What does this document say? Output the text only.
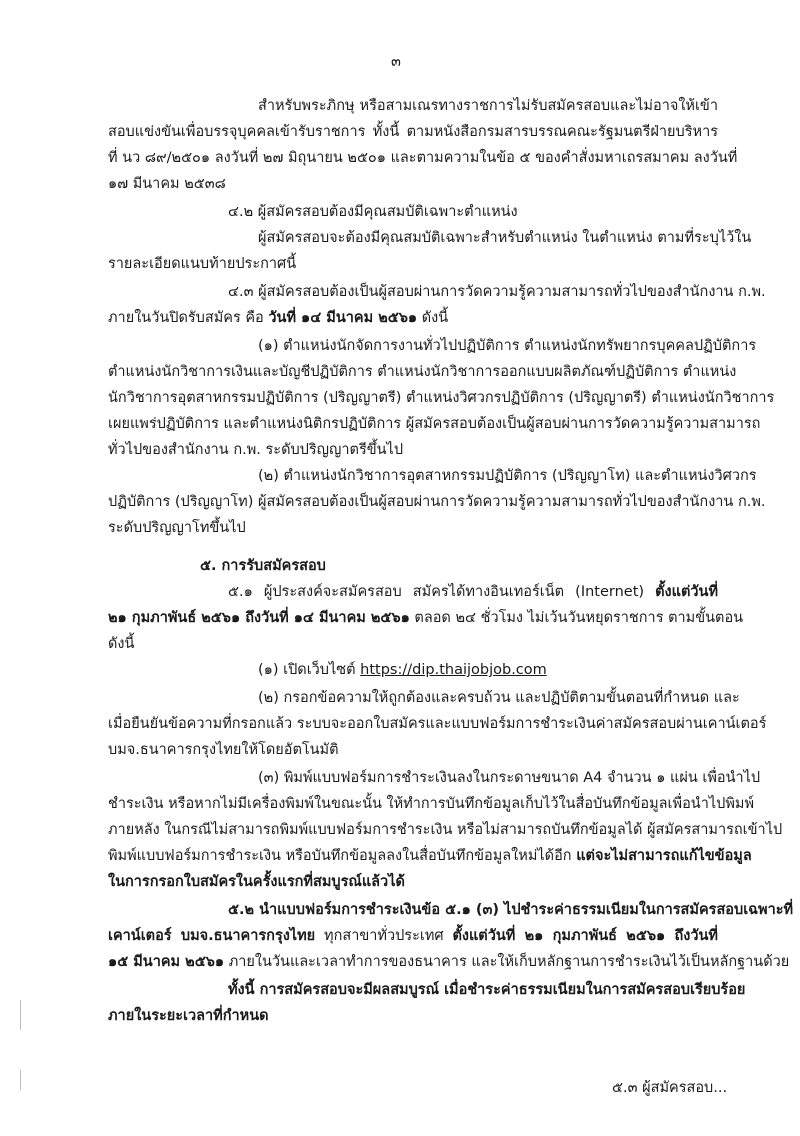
๓
สำหรับพระภิกษุ หรือสามเณรทางราชการไม่รับสมัครสอบและไม่อาจให้เข้า
สอบแข่งขันเพื่อบรรจุบุคคลเข้ารับราชการ ทั้งนี้ ตามหนังสือกรมสารบรรณคณะรัฐมนตรีฝ่ายบริหาร
ที่ นว ๘๙/๒๕๐๑ ลงวันที่ ๒๗ มิถุนายน ๒๕๐๑ และตามความในข้อ ๕ ของคำสั่งมหาเถรสมาคม ลงวันที่
๑๗ มีนาคม ๒๕๓๘
๔.๒ ผู้สมัครสอบต้องมีคุณสมบัติเฉพาะตำแหน่ง
ผู้สมัครสอบจะต้องมีคุณสมบัติเฉพาะสำหรับตำแหน่ง ในตำแหน่ง ตามที่ระบุไว้ใน
รายละเอียดแนบท้ายประกาศนี้
๔.๓ ผู้สมัครสอบต้องเป็นผู้สอบผ่านการวัดความรู้ความสามารถทั่วไปของสำนักงาน ก.พ.
ภายในวันปิดรับสมัคร คือ วันที่ ๑๔ มีนาคม ๒๕๖๑ ดังนี้
(๑) ตำแหน่งนักจัดการงานทั่วไปปฏิบัติการ ตำแหน่งนักทรัพยากรบุคคลปฏิบัติการ
ตำแหน่งนักวิชาการเงินและบัญชีปฏิบัติการ ตำแหน่งนักวิชาการออกแบบผลิตภัณฑ์ปฏิบัติการ ตำแหน่ง
นักวิชาการอุตสาหกรรมปฏิบัติการ (ปริญญาตรี) ตำแหน่งวิศวกรปฏิบัติการ (ปริญญาตรี) ตำแหน่งนักวิชาการ
เผยแพร่ปฏิบัติการ และตำแหน่งนิติกรปฏิบัติการ ผู้สมัครสอบต้องเป็นผู้สอบผ่านการวัดความรู้ความสามารถ
ทั่วไปของสำนักงาน ก.พ. ระดับปริญญาตรีขึ้นไป
(๒) ตำแหน่งนักวิชาการอุตสาหกรรมปฏิบัติการ (ปริญญาโท) และตำแหน่งวิศวกร
ปฏิบัติการ (ปริญญาโท) ผู้สมัครสอบต้องเป็นผู้สอบผ่านการวัดความรู้ความสามารถทั่วไปของสำนักงาน ก.พ.
ระดับปริญญาโทขึ้นไป
๕. การรับสมัครสอบ
๕.๑ ผู้ประสงค์จะสมัครสอบ สมัครได้ทางอินเทอร์เน็ต (Internet) ตั้งแต่วันที่
๒๑ กุมภาพันธ์ ๒๕๖๑ ถึงวันที่ ๑๔ มีนาคม ๒๕๖๑ ตลอด ๒๔ ชั่วโมง ไม่เว้นวันหยุดราชการ ตามขั้นตอน
ดังนี้
(๑) เปิดเว็บไซต์ https://dip.thaijobjob.com
(๒) กรอกข้อความให้ถูกต้องและครบถ้วน และปฏิบัติตามขั้นตอนที่กำหนด และ
เมื่อยืนยันข้อความที่กรอกแล้ว ระบบจะออกใบสมัครและแบบฟอร์มการชำระเงินค่าสมัครสอบผ่านเคาน์เตอร์
บมจ.ธนาคารกรุงไทยให้โดยอัตโนมัติ
(๓) พิมพ์แบบฟอร์มการชำระเงินลงในกระดาษขนาด A4 จำนวน ๑ แผ่น เพื่อนำไป
ชำระเงิน หรือหากไม่มีเครื่องพิมพ์ในขณะนั้น ให้ทำการบันทึกข้อมูลเก็บไว้ในสื่อบันทึกข้อมูลเพื่อนำไปพิมพ์
ภายหลัง ในกรณีไม่สามารถพิมพ์แบบฟอร์มการชำระเงิน หรือไม่สามารถบันทึกข้อมูลได้ ผู้สมัครสามารถเข้าไป
พิมพ์แบบฟอร์มการชำระเงิน หรือบันทึกข้อมูลลงในสื่อบันทึกข้อมูลใหม่ได้อีก แต่จะไม่สามารถแก้ไขข้อมูล
ในการกรอกใบสมัครในครั้งแรกที่สมบูรณ์แล้วได้
๕.๒ นำแบบฟอร์มการชำระเงินข้อ ๕.๑ (๓) ไปชำระค่าธรรมเนียมในการสมัครสอบเฉพาะที่
เคาน์เตอร์ บมจ.ธนาคารกรุงไทย ทุกสาขาทั่วประเทศ ตั้งแต่วันที่ ๒๑ กุมภาพันธ์ ๒๕๖๑ ถึงวันที่
๑๕ มีนาคม ๒๕๖๑ ภายในวันและเวลาทำการของธนาคาร และให้เก็บหลักฐานการชำระเงินไว้เป็นหลักฐานด้วย
ทั้งนี้ การสมัครสอบจะมีผลสมบูรณ์ เมื่อชำระค่าธรรมเนียมในการสมัครสอบเรียบร้อย
ภายในระยะเวลาที่กำหนด
๕.๓ ผู้สมัครสอบ...
